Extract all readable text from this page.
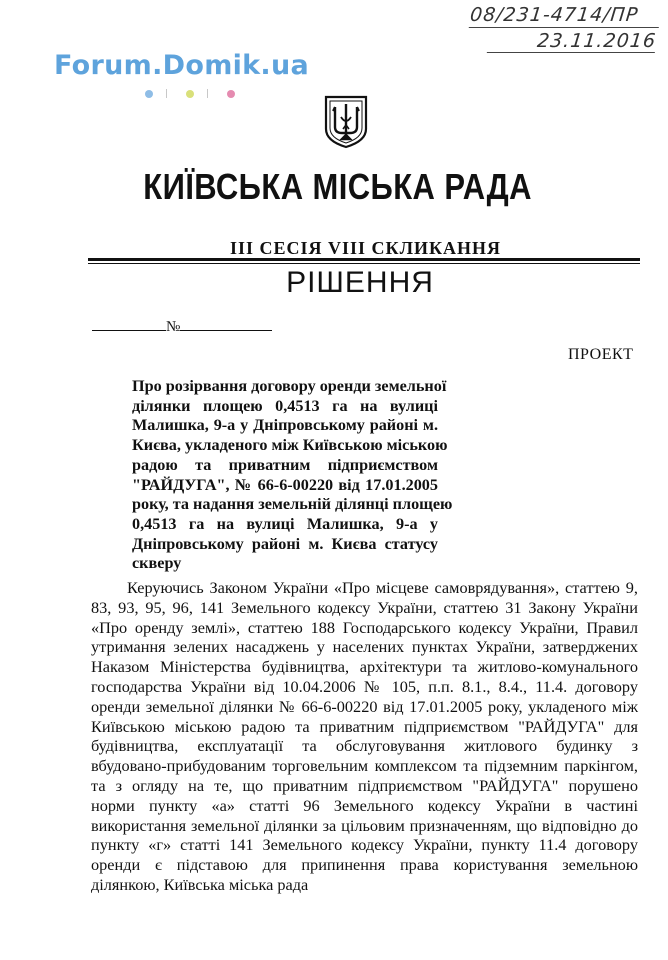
08/231-4714/ПР
23.11.2016
Forum.Domik.ua
КИЇВСЬКА МІСЬКА РАДА
ІІІ СЕСІЯ VIII СКЛИКАННЯ
РІШЕННЯ
№
ПРОЕКТ
Про розірвання договору оренди земельної
ділянки площею 0,4513 га на вулиці
Малишка, 9-а у Дніпровському районі м.
Києва, укладеного між Київською міською
радою та приватним підприємством
"РАЙДУГА", № 66-6-00220 від 17.01.2005
року, та надання земельній ділянці площею
0,4513 га на вулиці Малишка, 9-а у
Дніпровському районі м. Києва статусу
скверу
Керуючись Законом України «Про місцеве самоврядування», статтею 9,
83, 93, 95, 96, 141 Земельного кодексу України, статтею 31 Закону України
«Про оренду землі», статтею 188 Господарського кодексу України, Правил
утримання зелених насаджень у населених пунктах України, затверджених
Наказом Міністерства будівництва, архітектури та житлово-комунального
господарства України від 10.04.2006 № 105, п.п. 8.1., 8.4., 11.4. договору
оренди земельної ділянки № 66-6-00220 від 17.01.2005 року, укладеного між
Київською міською радою та приватним підприємством "РАЙДУГА" для
будівництва, експлуатації та обслуговування житлового будинку з
вбудовано-прибудованим торговельним комплексом та підземним паркінгом,
та з огляду на те, що приватним підприємством "РАЙДУГА" порушено
норми пункту «а» статті 96 Земельного кодексу України в частині
використання земельної ділянки за цільовим призначенням, що відповідно до
пункту «г» статті 141 Земельного кодексу України, пункту 11.4 договору
оренди є підставою для припинення права користування земельною
ділянкою, Київська міська рада
